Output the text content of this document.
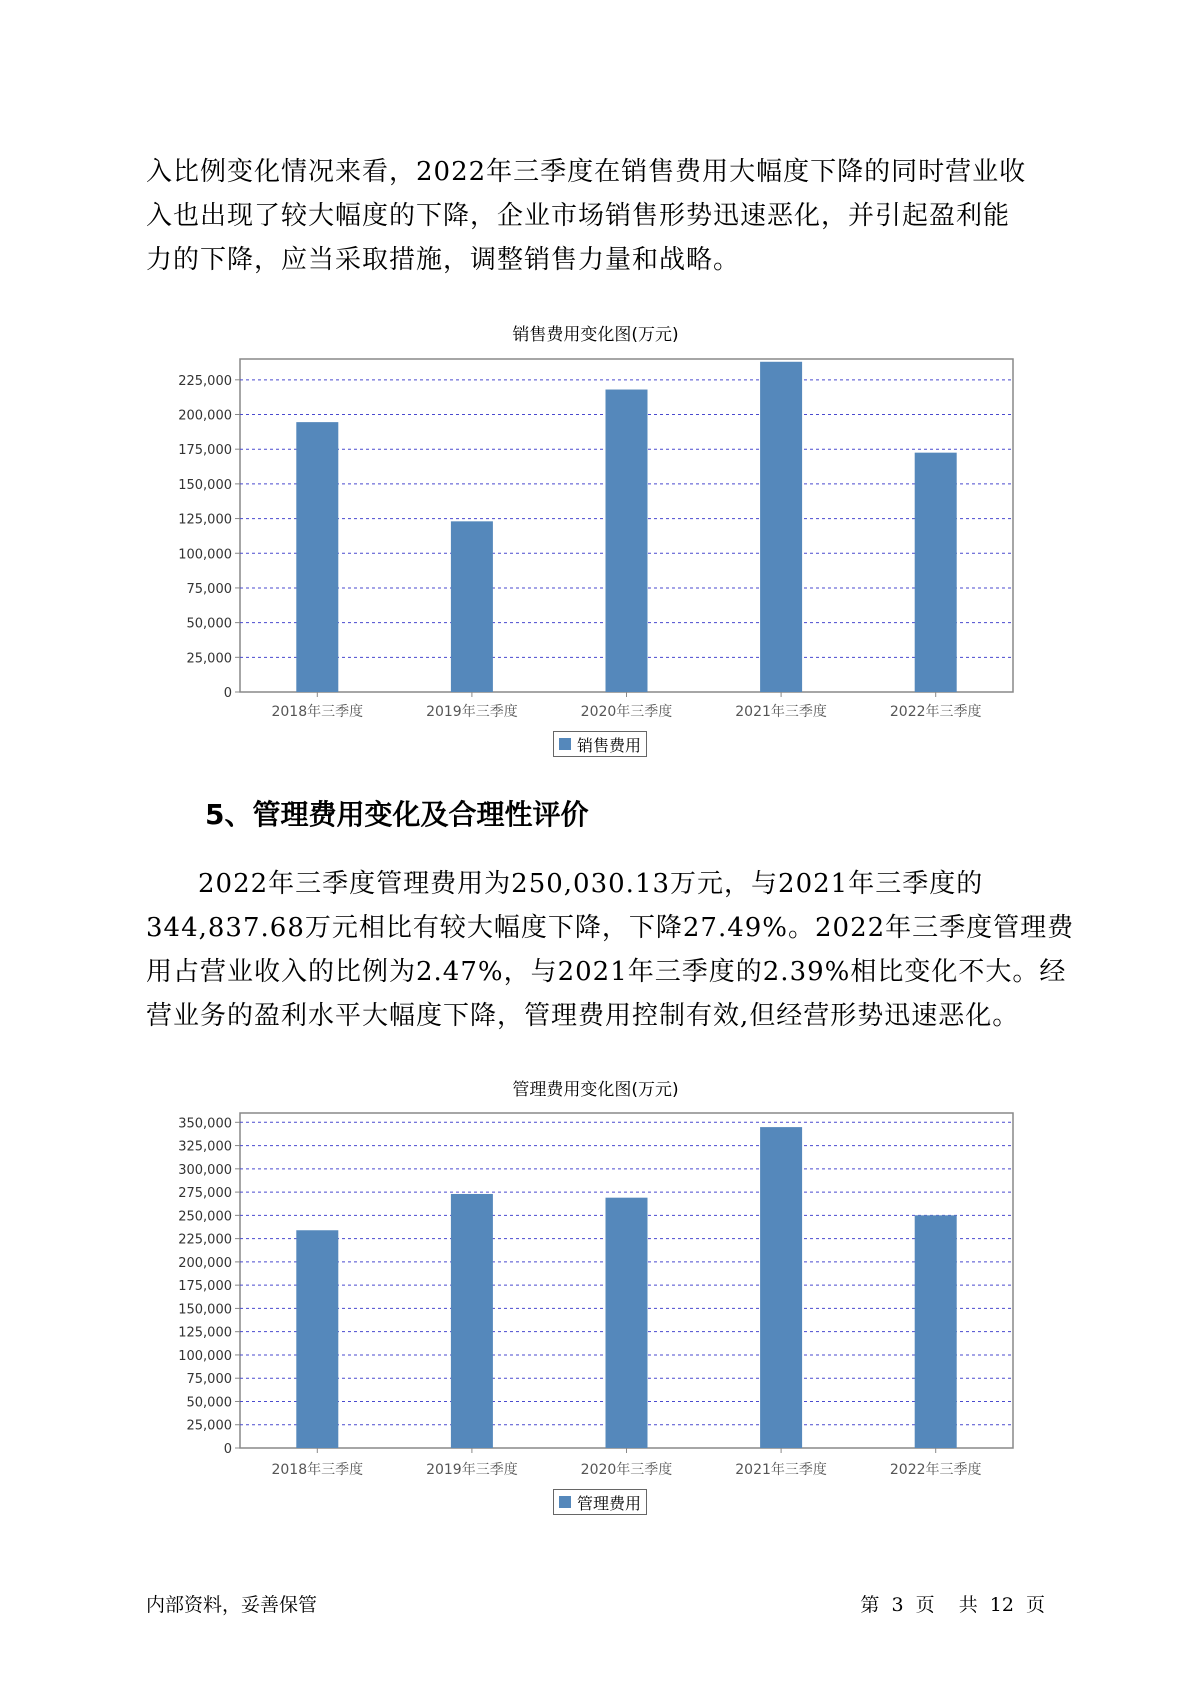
入比例变化情况来看，2022年三季度在销售费用大幅度下降的同时营业收
入也出现了较大幅度的下降，企业市场销售形势迅速恶化，并引起盈利能
力的下降，应当采取措施，调整销售力量和战略。
销售费用变化图(万元)
0
25,000
50,000
75,000
100,000
125,000
150,000
175,000
200,000
225,000
2018年三季度	2019年三季度	2020年三季度	2021年三季度	2022年三季度
销售费用
5、管理费用变化及合理性评价
2022年三季度管理费用为250,030.13万元，与2021年三季度的
344,837.68万元相比有较大幅度下降，下降27.49%。2022年三季度管理费
用占营业收入的比例为2.47%，与2021年三季度的2.39%相比变化不大。经
营业务的盈利水平大幅度下降，管理费用控制有效,但经营形势迅速恶化。
管理费用变化图(万元)
0
25,000
50,000
75,000
100,000
125,000
150,000
175,000
200,000
225,000
250,000
275,000
300,000
325,000
350,000
2018年三季度	2019年三季度	2020年三季度	2021年三季度	2022年三季度
管理费用
内部资料，妥善保管	第 3 页 共 12 页
